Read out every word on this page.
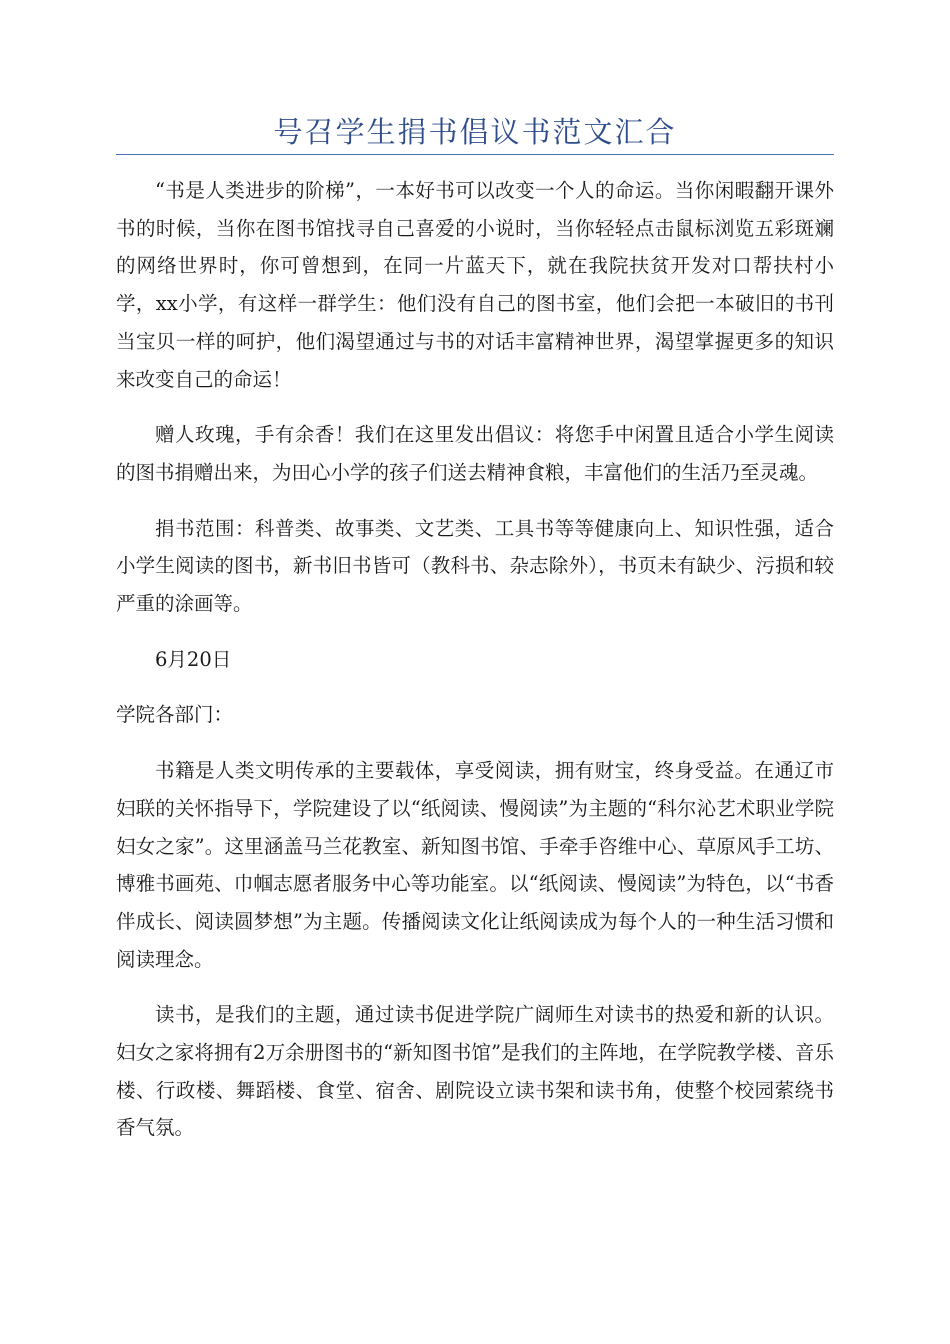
号召学生捐书倡议书范文汇合

“书是人类进步的阶梯”，一本好书可以改变一个人的命运。当你闲暇翻开课外书的时候，当你在图书馆找寻自己喜爱的小说时，当你轻轻点击鼠标浏览五彩斑斓的网络世界时，你可曾想到，在同一片蓝天下，就在我院扶贫开发对口帮扶村小学，xx小学，有这样一群学生：他们没有自己的图书室，他们会把一本破旧的书刊当宝贝一样的呵护，他们渴望通过与书的对话丰富精神世界，渴望掌握更多的知识来改变自己的命运！

赠人玫瑰，手有余香！我们在这里发出倡议：将您手中闲置且适合小学生阅读的图书捐赠出来，为田心小学的孩子们送去精神食粮，丰富他们的生活乃至灵魂。

捐书范围：科普类、故事类、文艺类、工具书等等健康向上、知识性强，适合小学生阅读的图书，新书旧书皆可（教科书、杂志除外），书页未有缺少、污损和较严重的涂画等。

6月20日

学院各部门：

书籍是人类文明传承的主要载体，享受阅读，拥有财宝，终身受益。在通辽市妇联的关怀指导下，学院建设了以“纸阅读、慢阅读”为主题的“科尔沁艺术职业学院妇女之家”。这里涵盖马兰花教室、新知图书馆、手牵手咨维中心、草原风手工坊、博雅书画苑、巾帼志愿者服务中心等功能室。以“纸阅读、慢阅读”为特色，以“书香伴成长、阅读圆梦想”为主题。传播阅读文化让纸阅读成为每个人的一种生活习惯和阅读理念。

读书，是我们的主题，通过读书促进学院广阔师生对读书的热爱和新的认识。妇女之家将拥有2万余册图书的“新知图书馆”是我们的主阵地，在学院教学楼、音乐楼、行政楼、舞蹈楼、食堂、宿舍、剧院设立读书架和读书角，使整个校园萦绕书香气氛。
